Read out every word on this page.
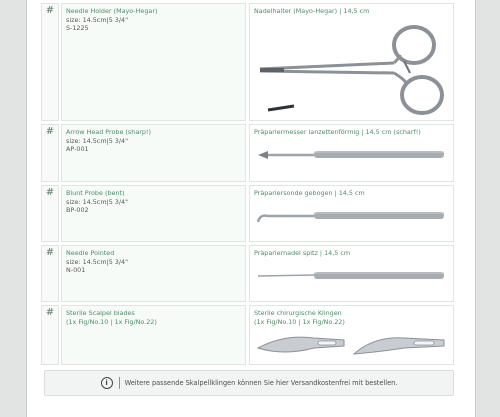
#	Needle Holder (Mayo-Hegar)
size: 14.5cm|5 3/4"
S-1225
Nadelhalter (Mayo-Hegar) | 14,5 cm
#	Arrow Head Probe (sharp!)
size: 14.5cm|5 3/4"
AP-001
Präpariermesser lanzettenförmig | 14,5 cm (scharf!)
#	Blunt Probe (bent)
size: 14.5cm|5 3/4"
BP-002
Präpariersonde gebogen | 14,5 cm
#	Needle Pointed
size: 14.5cm|5 3/4"
N-001
Präpariernadel spitz | 14,5 cm
#	Sterile Scalpel blades
(1x Fig/No.10 | 1x Fig/No.22)
Sterile chirurgische Klingen
(1x Fig/No.10 | 1x Fig/No.22)
i	Weitere passende Skalpellklingen können Sie hier Versandkostenfrei mit bestellen.
